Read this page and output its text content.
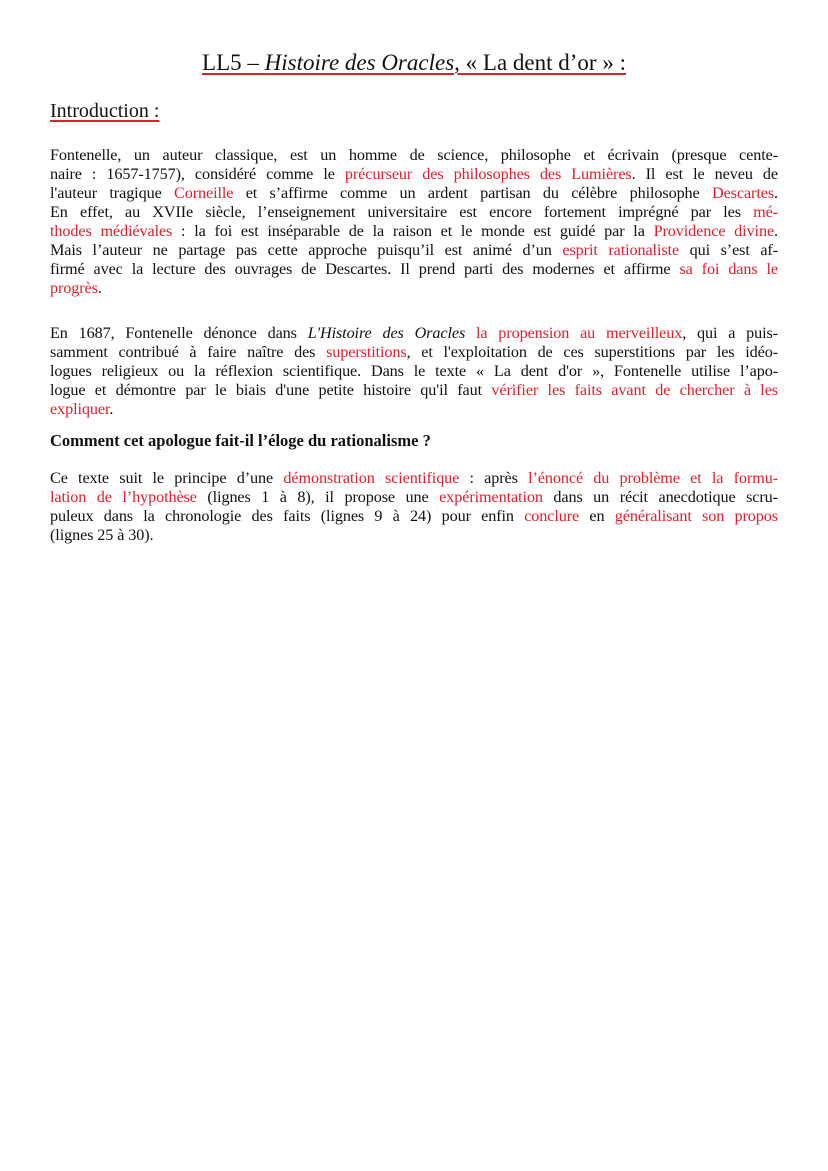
LL5 – Histoire des Oracles, « La dent d’or » :
Introduction :
Fontenelle, un auteur classique, est un homme de science, philosophe et écrivain (presque cente-
naire : 1657-1757), considéré comme le précurseur des philosophes des Lumières. Il est le neveu de
l'auteur tragique Corneille et s’affirme comme un ardent partisan du célèbre philosophe Descartes.
En effet, au XVIIe siècle, l’enseignement universitaire est encore fortement imprégné par les mé-
thodes médiévales : la foi est inséparable de la raison et le monde est guidé par la Providence divine.
Mais l’auteur ne partage pas cette approche puisqu’il est animé d’un esprit rationaliste qui s’est af-
firmé avec la lecture des ouvrages de Descartes. Il prend parti des modernes et affirme sa foi dans le
progrès.
En 1687, Fontenelle dénonce dans L'Histoire des Oracles la propension au merveilleux, qui a puis-
samment contribué à faire naître des superstitions, et l'exploitation de ces superstitions par les idéo-
logues religieux ou la réflexion scientifique. Dans le texte « La dent d'or », Fontenelle utilise l’apo-
logue et démontre par le biais d'une petite histoire qu'il faut vérifier les faits avant de chercher à les
expliquer.
Comment cet apologue fait-il l’éloge du rationalisme ?
Ce texte suit le principe d’une démonstration scientifique : après l’énoncé du problème et la formu-
lation de l’hypothèse (lignes 1 à 8), il propose une expérimentation dans un récit anecdotique scru-
puleux dans la chronologie des faits (lignes 9 à 24) pour enfin conclure en généralisant son propos
(lignes 25 à 30).
